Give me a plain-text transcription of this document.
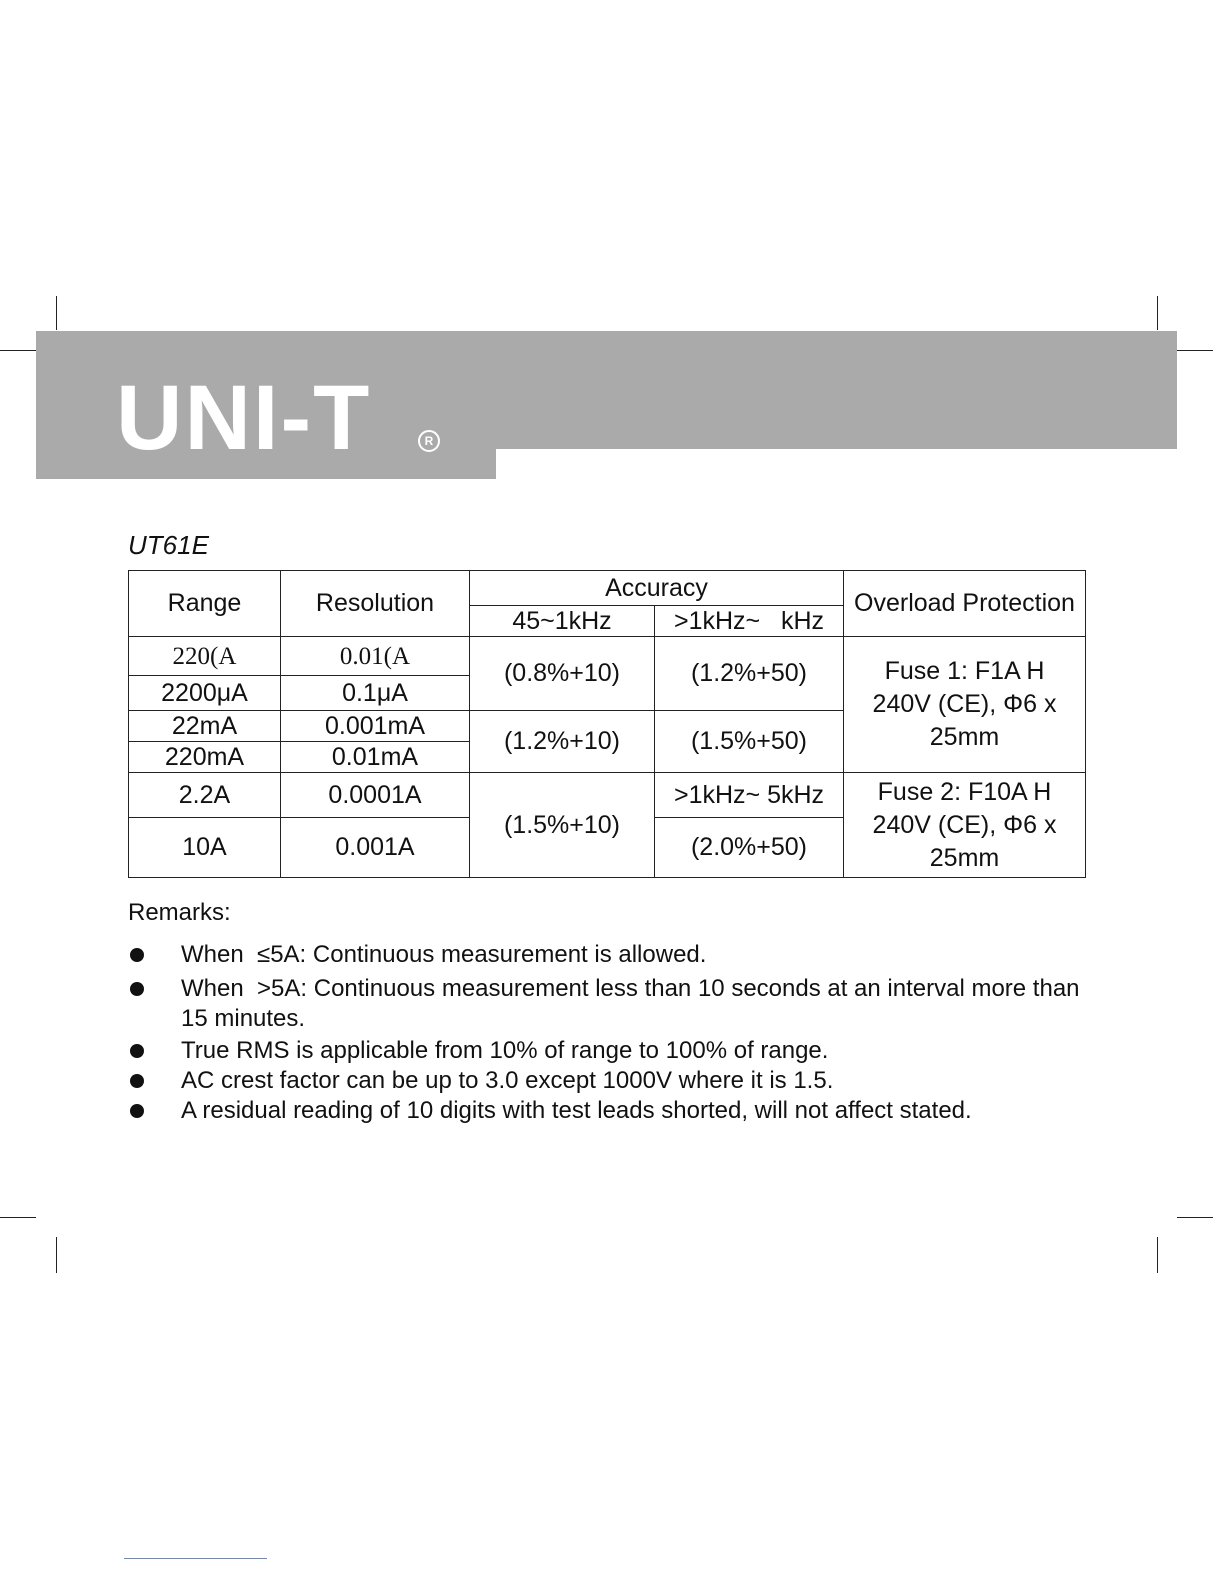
UNI-T	R
UT61E
Range	Resolution	Accuracy		Overload Protection
		45~1kHz	>1kHz~   kHz	
220(A	0.01(A	(0.8%+10)	(1.2%+50)	Fuse 1: F1A H 240V (CE), Φ6 x 25mm
2200μA	0.1μA			
22mA	0.001mA	(1.2%+10)	(1.5%+50)	
220mA	0.01mA			
2.2A	0.0001A	(1.5%+10)	>1kHz~ 5kHz	Fuse 2: F10A H 240V (CE), Φ6 x 25mm
10A	0.001A		(2.0%+50)	
Remarks:
When  ≤5A: Continuous measurement is allowed.
When  >5A: Continuous measurement less than 10 seconds at an interval more than 15 minutes.
True RMS is applicable from 10% of range to 100% of range.
AC crest factor can be up to 3.0 except 1000V where it is 1.5.
A residual reading of 10 digits with test leads shorted, will not affect stated.
